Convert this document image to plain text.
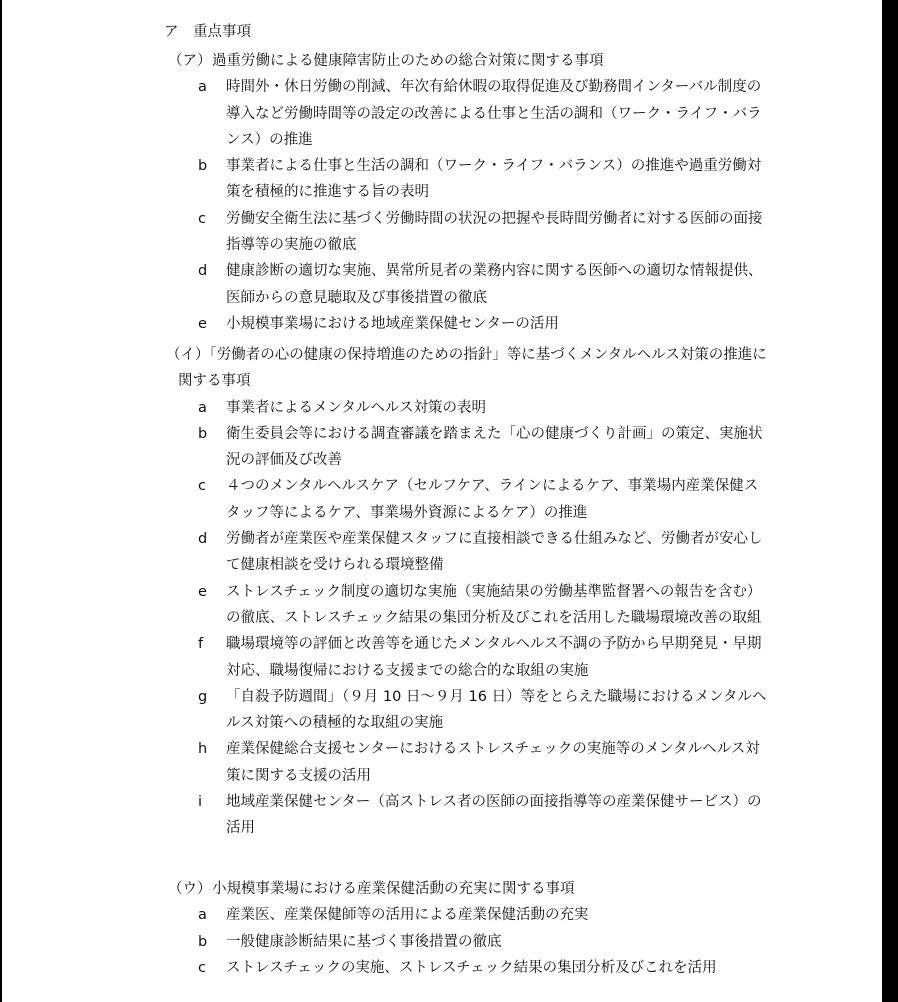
ア　重点事項
（ア） 過重労働による健康障害防止のための総合対策に関する事項
a	時間外・休日労働の削減、年次有給休暇の取得促進及び勤務間インターバル制度の導入など労働時間等の設定の改善による仕事と生活の調和（ワーク・ライフ・バランス）の推進
b	事業者による仕事と生活の調和（ワーク・ライフ・バランス）の推進や過重労働対策を積極的に推進する旨の表明
c	労働安全衛生法に基づく労働時間の状況の把握や長時間労働者に対する医師の面接指導等の実施の徹底
d	健康診断の適切な実施、異常所見者の業務内容に関する医師への適切な情報提供、医師からの意見聴取及び事後措置の徹底
e	小規模事業場における地域産業保健センターの活用
（イ）「労働者の心の健康の保持増進のための指針」等に基づくメンタルヘルス対策の推進に関する事項
a	事業者によるメンタルヘルス対策の表明
b	衛生委員会等における調査審議を踏まえた「心の健康づくり計画」の策定、実施状況の評価及び改善
c	４つのメンタルヘルスケア（セルフケア、ラインによるケア、事業場内産業保健スタッフ等によるケア、事業場外資源によるケア）の推進
d	労働者が産業医や産業保健スタッフに直接相談できる仕組みなど、労働者が安心して健康相談を受けられる環境整備
e	ストレスチェック制度の適切な実施（実施結果の労働基準監督署への報告を含む）の徹底、ストレスチェック結果の集団分析及びこれを活用した職場環境改善の取組
f	職場環境等の評価と改善等を通じたメンタルヘルス不調の予防から早期発見・早期対応、職場復帰における支援までの総合的な取組の実施
g	「自殺予防週間」（９月 10 日～９月 16 日）等をとらえた職場におけるメンタルヘルス対策への積極的な取組の実施
h	産業保健総合支援センターにおけるストレスチェックの実施等のメンタルヘルス対策に関する支援の活用
i	地域産業保健センター（高ストレス者の医師の面接指導等の産業保健サービス）の活用
（ウ） 小規模事業場における産業保健活動の充実に関する事項
a	産業医、産業保健師等の活用による産業保健活動の充実
b	一般健康診断結果に基づく事後措置の徹底
c	ストレスチェックの実施、ストレスチェック結果の集団分析及びこれを活用
